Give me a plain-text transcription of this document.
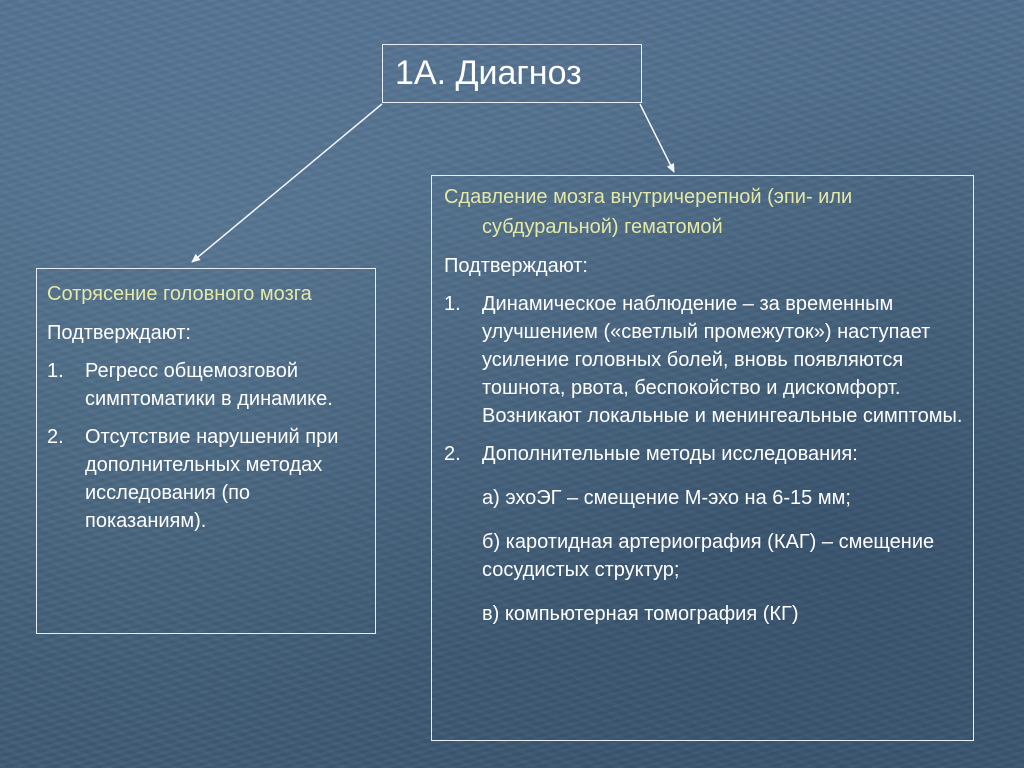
1А. Диагноз
Сотрясение головного мозга
Подтверждают:
1.	Регресс общемозговой симптоматики в динамике.
2.	Отсутствие нарушений при дополнительных методах исследования (по показаниям).
Сдавление мозга внутричерепной (эпи- или субдуральной) гематомой
Подтверждают:
1.	Динамическое наблюдение – за временным улучшением («светлый промежуток») наступает усиление головных болей, вновь появляются тошнота, рвота, беспокойство и дискомфорт. Возникают локальные и менингеальные симптомы.
2.	Дополнительные методы исследования:
а) эхоЭГ – смещение М-эхо на 6-15 мм;
б) каротидная артериография (КАГ) – смещение сосудистых структур;
в) компьютерная томография (КГ)
